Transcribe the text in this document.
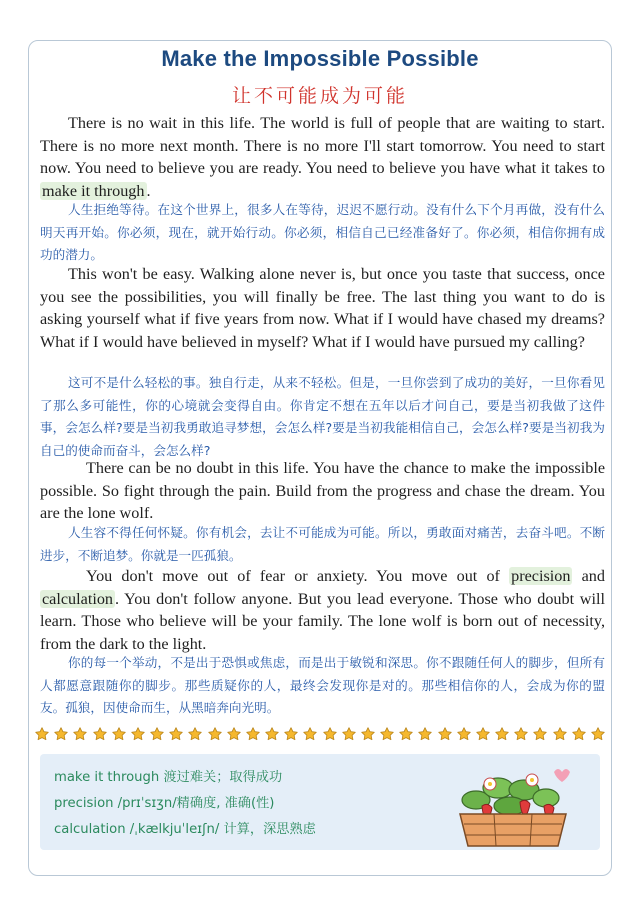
Make the Impossible Possible
让不可能成为可能

There is no wait in this life. The world is full of people that are waiting to start. There is no more next month. There is no more I'll start tomorrow. You need to start now. You need to believe you are ready. You need to believe you have what it takes to make it through .

人生拒绝等待。在这个世界上，很多人在等待，迟迟不愿行动。没有什么下个月再做，没有什么明天再开始。你必须，现在，就开始行动。你必须，相信自己已经准备好了。你必须，相信你拥有成功的潜力。

This won't be easy. Walking alone never is, but once you taste that success, once you see the possibilities, you will finally be free. The last thing you want to do is asking yourself what if five years from now. What if I would have chased my dreams? What if I would have believed in myself? What if I would have pursued my calling?

这可不是什么轻松的事。独自行走，从来不轻松。但是，一旦你尝到了成功的美好，一旦你看见了那么多可能性，你的心境就会变得自由。你肯定不想在五年以后才问自己，要是当初我做了这件事，会怎么样?要是当初我勇敢追寻梦想，会怎么样?要是当初我能相信自己，会怎么样?要是当初我为自己的使命而奋斗，会怎么样?

There can be no doubt in this life. You have the chance to make the impossible possible. So fight through the pain. Build from the progress and chase the dream. You are the lone wolf.

人生容不得任何怀疑。你有机会，去让不可能成为可能。所以，勇敢面对痛苦，去奋斗吧。不断进步，不断追梦。你就是一匹孤狼。

You don't move out of fear or anxiety. You move out of precision and calculation . You don't follow anyone. But you lead everyone. Those who doubt will learn. Those who believe will be your family. The lone wolf is born out of necessity, from the dark to the light.

你的每一个举动，不是出于恐惧或焦虑，而是出于敏锐和深思。你不跟随任何人的脚步，但所有人都愿意跟随你的脚步。那些质疑你的人，最终会发现你是对的。那些相信你的人，会成为你的盟友。孤狼，因使命而生，从黑暗奔向光明。

make it through 渡过难关；取得成功
precision /prɪˈsɪʒn/精确度, 准确(性)
calculation /ˌkælkjuˈleɪʃn/ 计算，深思熟虑
